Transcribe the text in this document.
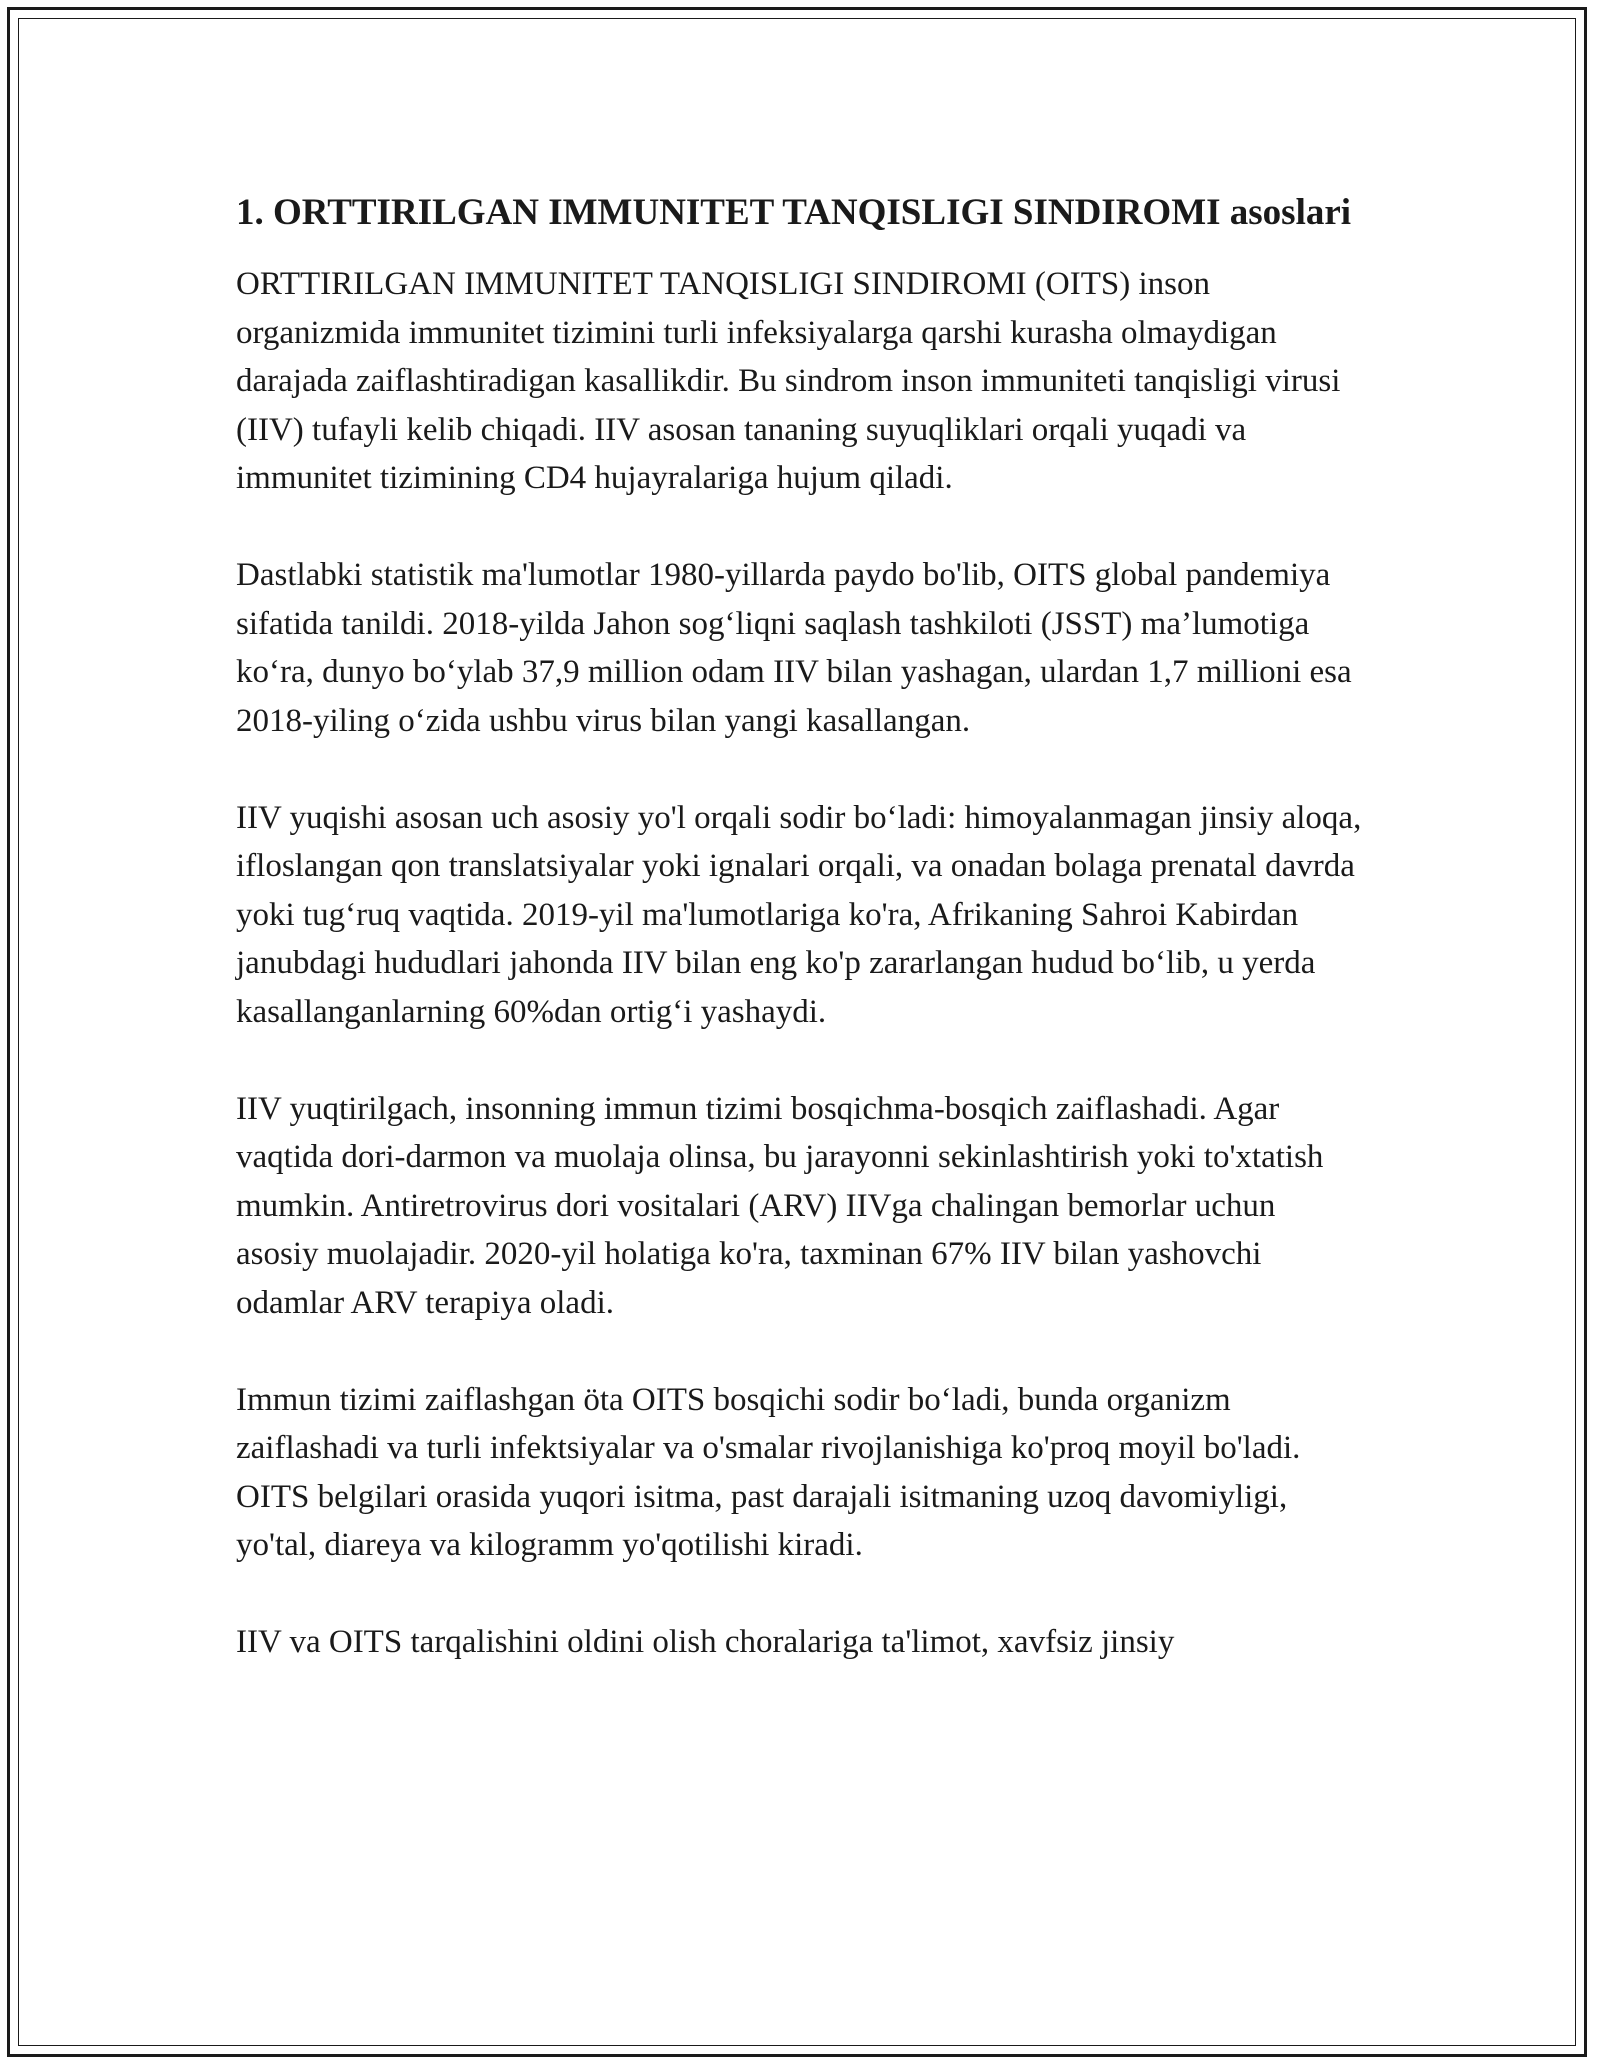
1. ORTTIRILGAN IMMUNITET TANQISLIGI SINDIROMI asoslari

ORTTIRILGAN IMMUNITET TANQISLIGI SINDIROMI (OITS) inson organizmida immunitet tizimini turli infeksiyalarga qarshi kurasha olmaydigan darajada zaiflashtiradigan kasallikdir. Bu sindrom inson immuniteti tanqisligi virusi (IIV) tufayli kelib chiqadi. IIV asosan tananing suyuqliklari orqali yuqadi va immunitet tizimining CD4 hujayralariga hujum qiladi.

Dastlabki statistik ma'lumotlar 1980-yillarda paydo bo'lib, OITS global pandemiya sifatida tanildi. 2018-yilda Jahon sog‘liqni saqlash tashkiloti (JSST) ma’lumotiga ko‘ra, dunyo bo‘ylab 37,9 million odam IIV bilan yashagan, ulardan 1,7 millioni esa 2018-yiling o‘zida ushbu virus bilan yangi kasallangan.

IIV yuqishi asosan uch asosiy yo'l orqali sodir bo‘ladi: himoyalanmagan jinsiy aloqa, ifloslangan qon translatsiyalar yoki ignalari orqali, va onadan bolaga prenatal davrda yoki tug‘ruq vaqtida. 2019-yil ma'lumotlariga ko'ra, Afrikaning Sahroi Kabirdan janubdagi hududlari jahonda IIV bilan eng ko'p zararlangan hudud bo‘lib, u yerda kasallanganlarning 60%dan ortig‘i yashaydi.

IIV yuqtirilgach, insonning immun tizimi bosqichma-bosqich zaiflashadi. Agar vaqtida dori-darmon va muolaja olinsa, bu jarayonni sekinlashtirish yoki to'xtatish mumkin. Antiretrovirus dori vositalari (ARV) IIVga chalingan bemorlar uchun asosiy muolajadir. 2020-yil holatiga ko'ra, taxminan 67% IIV bilan yashovchi odamlar ARV terapiya oladi.

Immun tizimi zaiflashgan öta OITS bosqichi sodir bo‘ladi, bunda organizm zaiflashadi va turli infektsiyalar va o'smalar rivojlanishiga ko'proq moyil bo'ladi. OITS belgilari orasida yuqori isitma, past darajali isitmaning uzoq davomiyligi, yo'tal, diareya va kilogramm yo'qotilishi kiradi.

IIV va OITS tarqalishini oldini olish choralariga ta'limot, xavfsiz jinsiy
